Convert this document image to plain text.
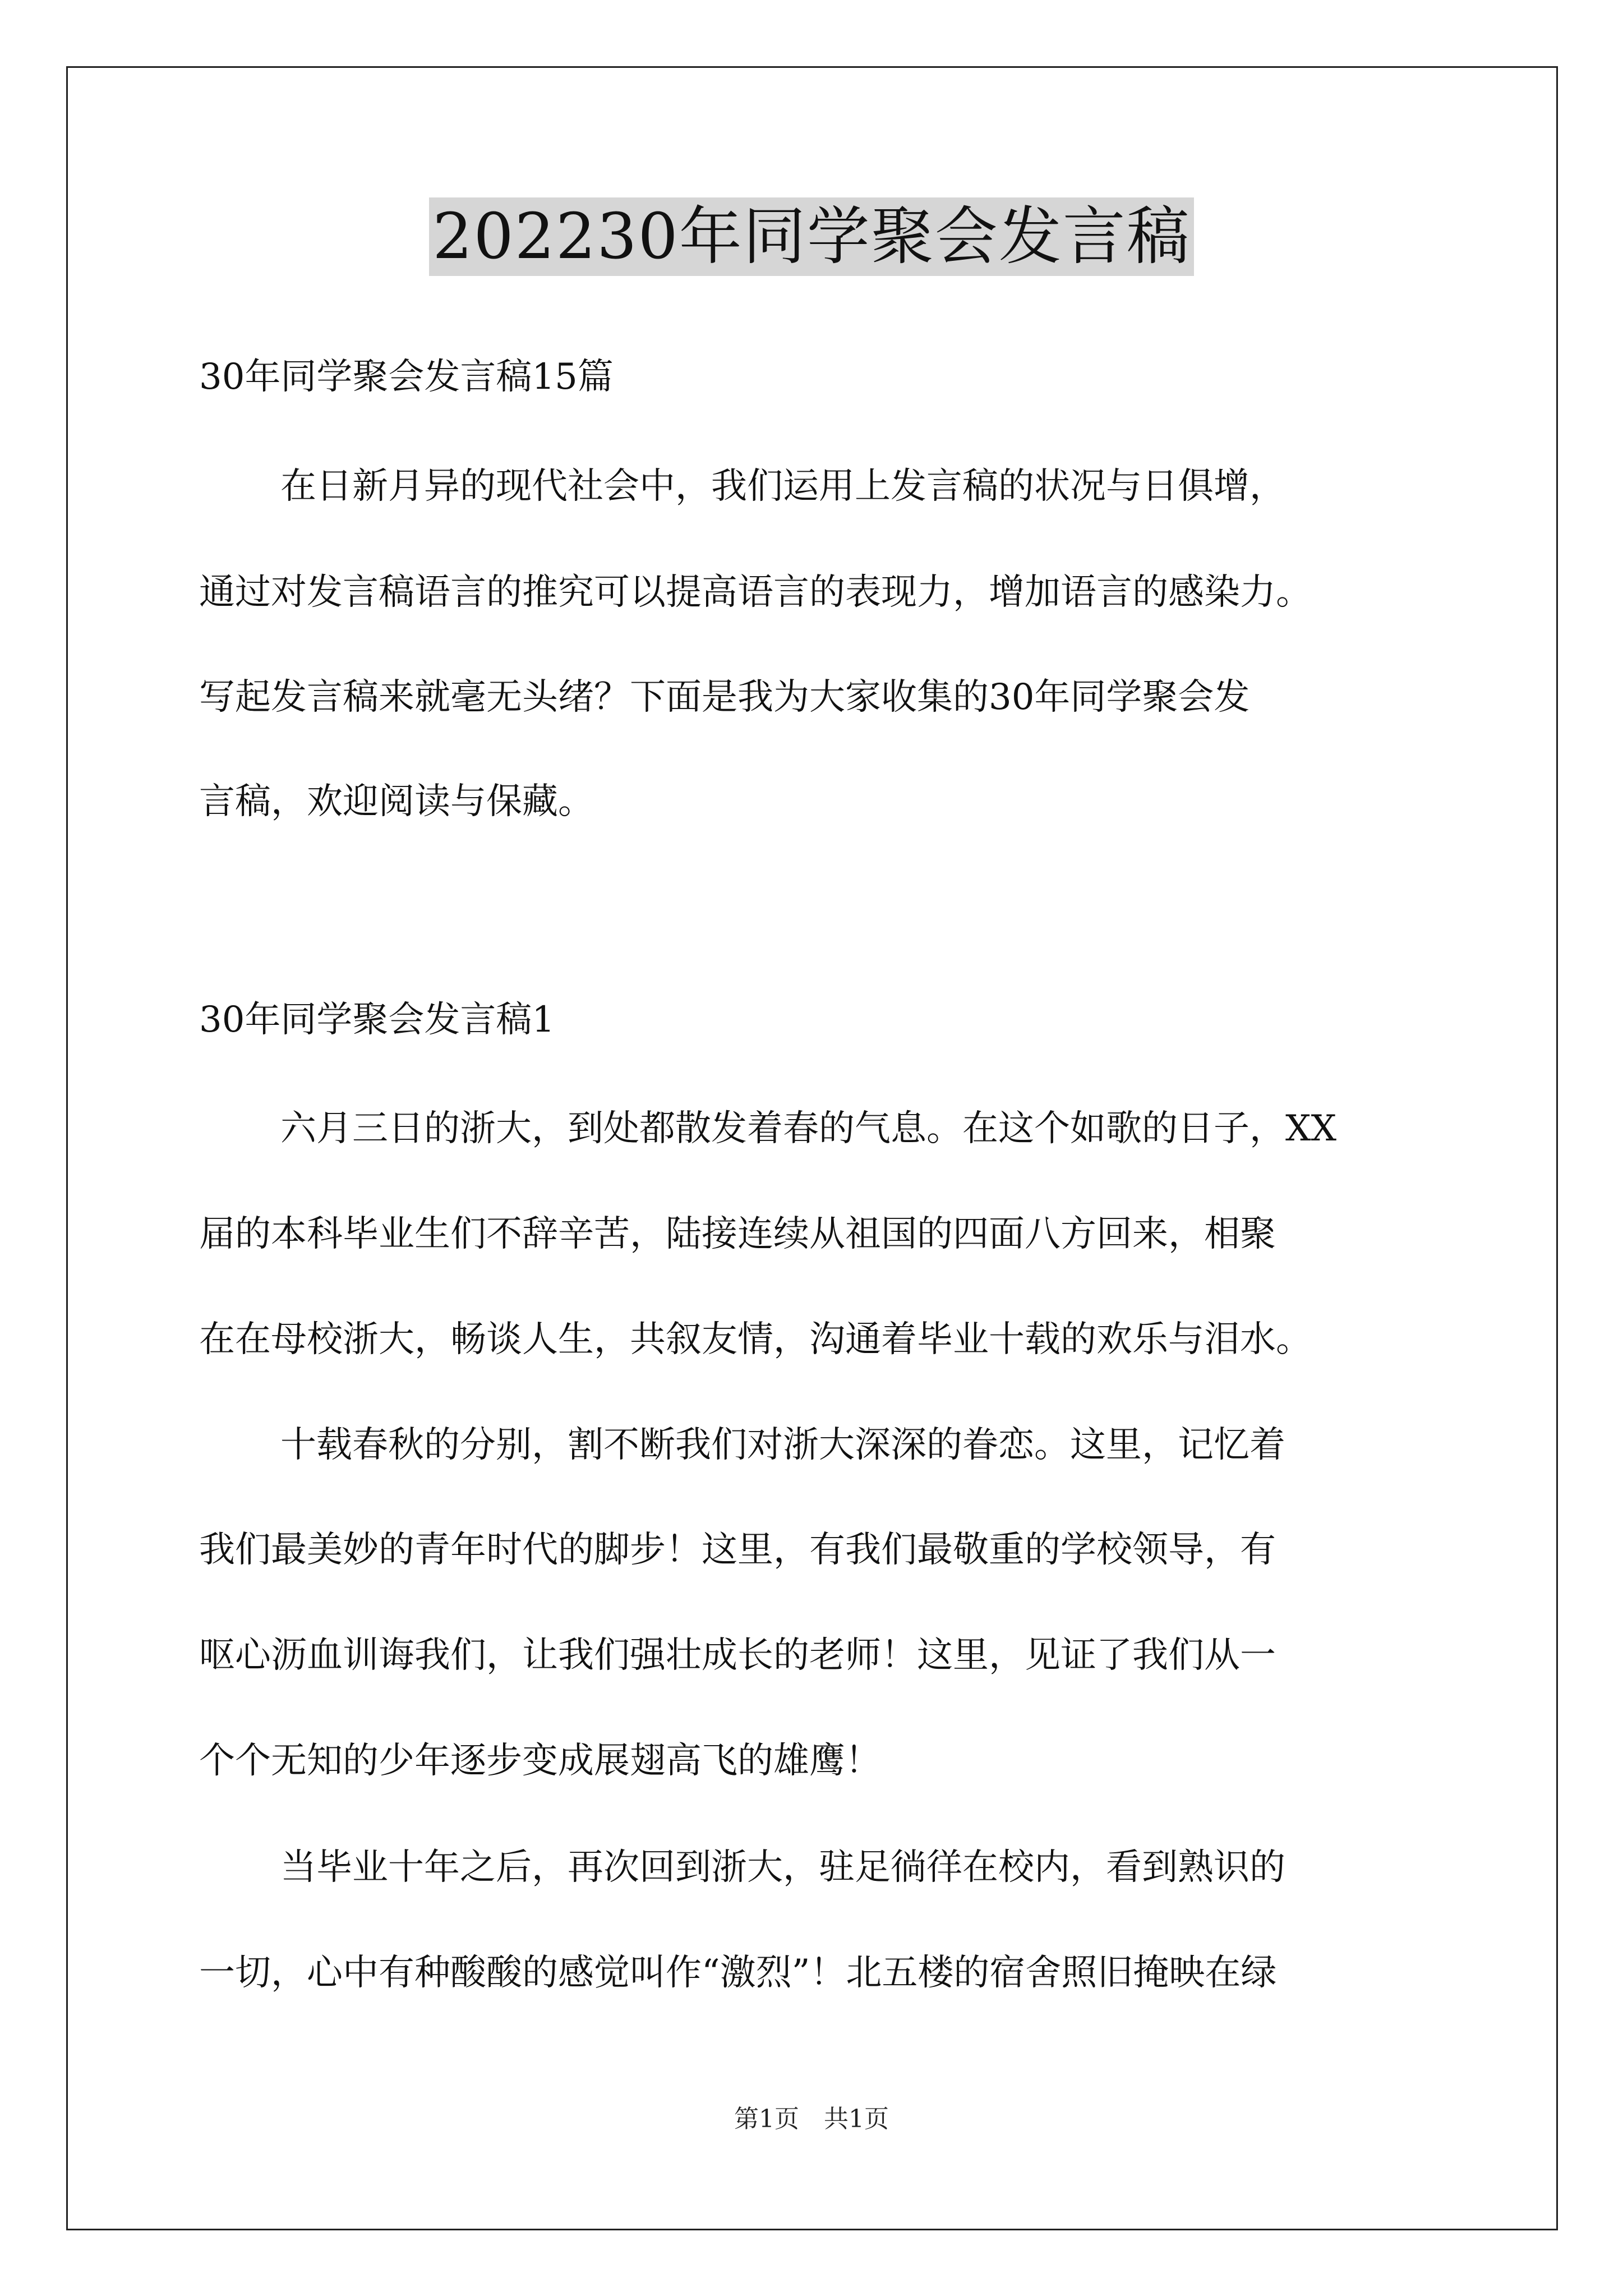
202230年同学聚会发言稿
30年同学聚会发言稿15篇
在日新月异的现代社会中，我们运用上发言稿的状况与日俱增，
通过对发言稿语言的推究可以提高语言的表现力，增加语言的感染力。
写起发言稿来就毫无头绪？下面是我为大家收集的30年同学聚会发
言稿，欢迎阅读与保藏。
30年同学聚会发言稿1
六月三日的浙大，到处都散发着春的气息。在这个如歌的日子，XX
届的本科毕业生们不辞辛苦，陆接连续从祖国的四面八方回来，相聚
在在母校浙大，畅谈人生，共叙友情，沟通着毕业十载的欢乐与泪水。
十载春秋的分别，割不断我们对浙大深深的眷恋。这里，记忆着
我们最美妙的青年时代的脚步！这里，有我们最敬重的学校领导，有
呕心沥血训诲我们，让我们强壮成长的老师！这里，见证了我们从一
个个无知的少年逐步变成展翅高飞的雄鹰！
当毕业十年之后，再次回到浙大，驻足徜徉在校内，看到熟识的
一切，心中有种酸酸的感觉叫作“激烈”！北五楼的宿舍照旧掩映在绿
第1页　共1页
